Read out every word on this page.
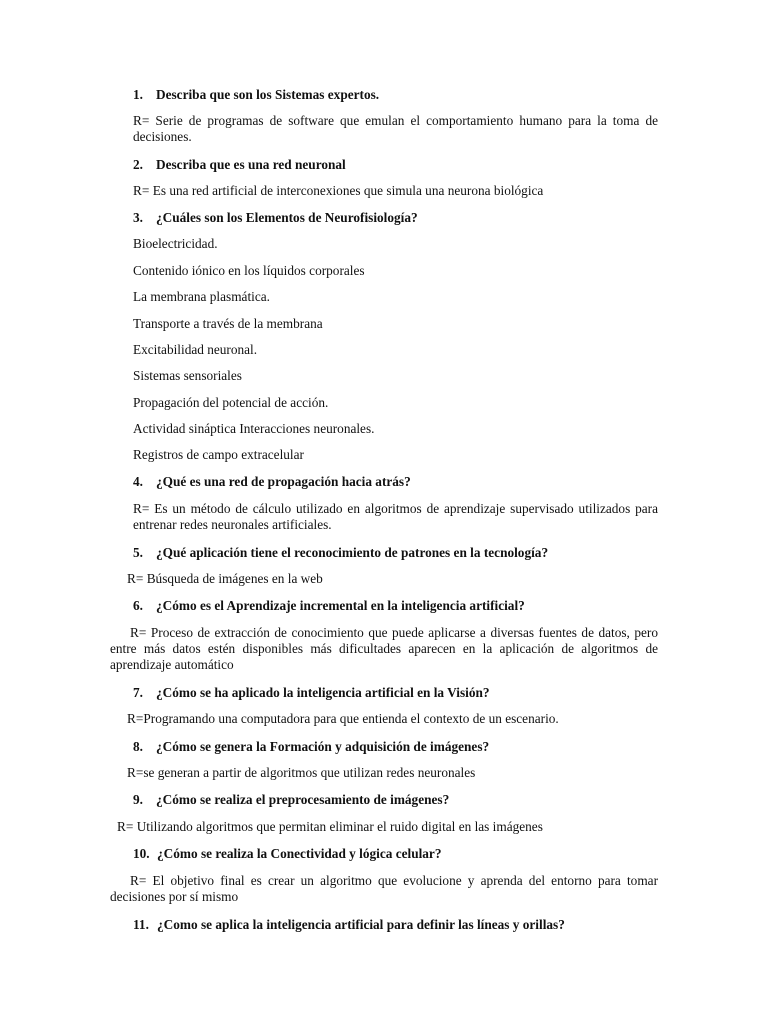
1. Describa que son los Sistemas expertos.
R= Serie de programas de software que emulan el comportamiento humano para la toma de decisiones.
2. Describa que es una red neuronal
R= Es una red artificial de interconexiones que simula una neurona biológica
3. ¿Cuáles son los Elementos de Neurofisiología?
Bioelectricidad.
Contenido iónico en los líquidos corporales
La membrana plasmática.
Transporte a través de la membrana
Excitabilidad neuronal.
Sistemas sensoriales
Propagación del potencial de acción.
Actividad sináptica Interacciones neuronales.
Registros de campo extracelular
4. ¿Qué es una red de propagación hacia atrás?
R= Es un método de cálculo utilizado en algoritmos de aprendizaje supervisado utilizados para entrenar redes neuronales artificiales.
5. ¿Qué aplicación tiene el reconocimiento de patrones en la tecnología?
R= Búsqueda de imágenes en la web
6. ¿Cómo es el Aprendizaje incremental en la inteligencia artificial?
R= Proceso de extracción de conocimiento que puede aplicarse a diversas fuentes de datos, pero entre más datos estén disponibles más dificultades aparecen en la aplicación de algoritmos de aprendizaje automático
7. ¿Cómo se ha aplicado la inteligencia artificial en la Visión?
R=Programando una computadora para que entienda el contexto de un escenario.
8. ¿Cómo se genera la Formación y adquisición de imágenes?
R=se generan a partir de algoritmos que utilizan redes neuronales
9. ¿Cómo se realiza el preprocesamiento de imágenes?
R= Utilizando algoritmos que permitan eliminar el ruido digital en las imágenes
10. ¿Cómo se realiza la Conectividad y lógica celular?
R= El objetivo final es crear un algoritmo que evolucione y aprenda del entorno para tomar decisiones por sí mismo
11. ¿Como se aplica la inteligencia artificial para definir las líneas y orillas?
